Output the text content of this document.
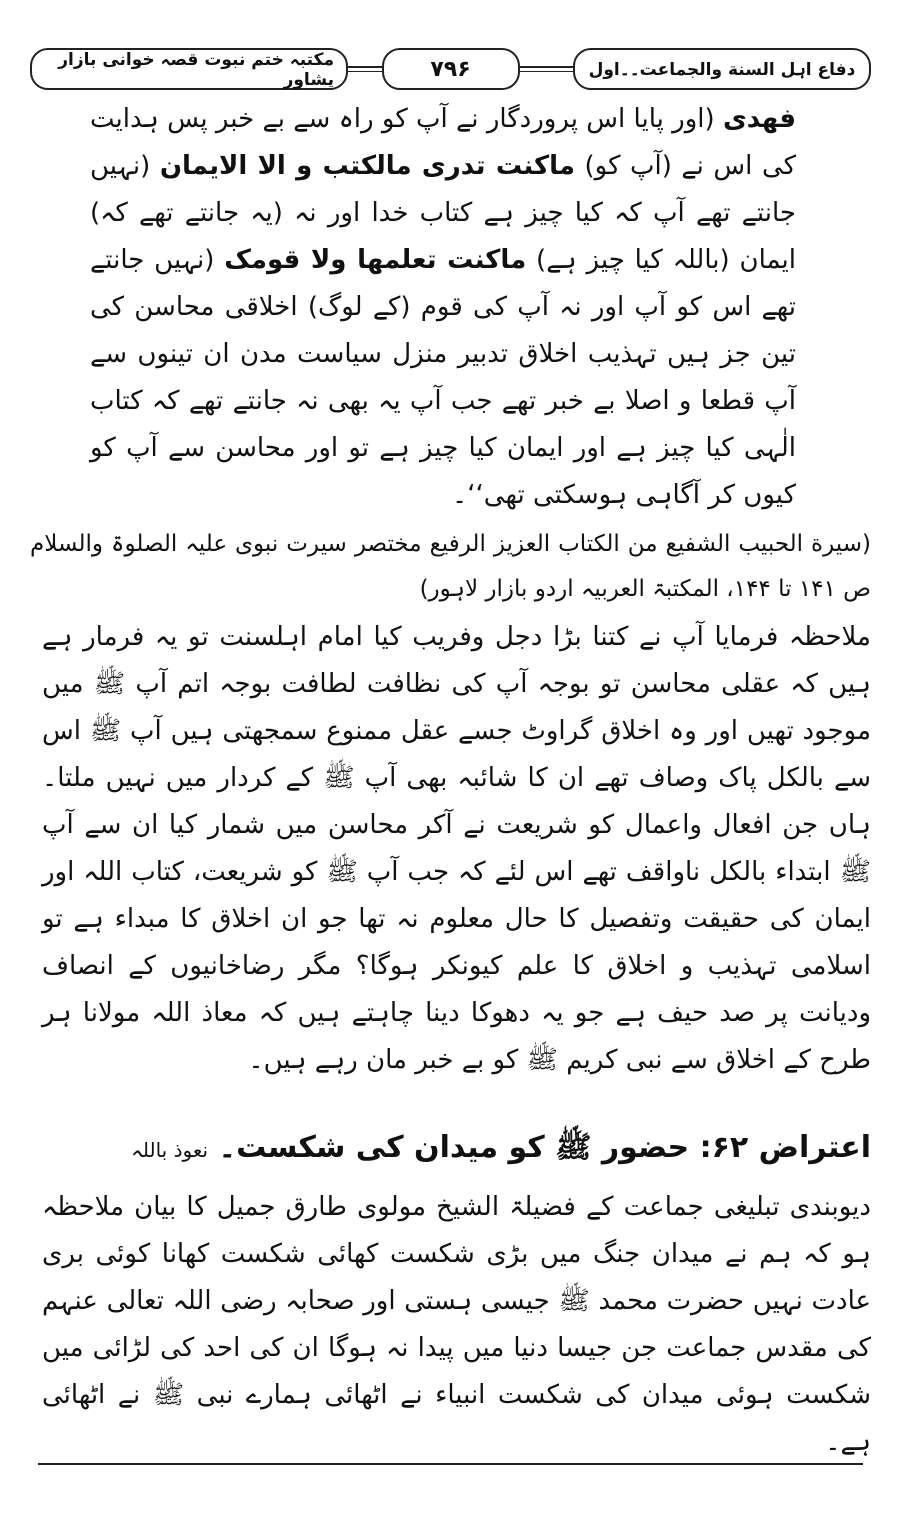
دفاع اہل السنة والجماعت۔۔اول
۷۹۶
مکتبہ ختم نبوت قصہ خوانی بازار پشاور

فھدی (اور پایا اس پروردگار نے آپ کو راہ سے بے خبر پس ہدایت کی اس نے (آپ کو) ماکنت تدری مالکتب و الا الایمان (نہیں جانتے تھے آپ کہ کیا چیز ہے کتاب خدا اور نہ (یہ جانتے تھے کہ) ایمان (باللہ کیا چیز ہے) ماکنت تعلمھا ولا قومک (نہیں جانتے تھے اس کو آپ اور نہ آپ کی قوم (کے لوگ) اخلاقی محاسن کی تین جز ہیں تہذیب اخلاق تدبیر منزل سیاست مدن ان تینوں سے آپ قطعا و اصلا بے خبر تھے جب آپ یہ بھی نہ جانتے تھے کہ کتاب الٰہی کیا چیز ہے اور ایمان کیا چیز ہے تو اور محاسن سے آپ کو کیوں کر آگاہی ہوسکتی تھی‘‘۔

(سیرة الحبیب الشفیع من الکتاب العزیز الرفیع مختصر سیرت نبوی علیہ الصلوۃ والسلام ص ۱۴۱ تا ۱۴۴، المکتبۃ العربیہ اردو بازار لاہور)

ملاحظہ فرمایا آپ نے کتنا بڑا دجل وفریب کیا امام اہلسنت تو یہ فرمار ہے ہیں کہ عقلی محاسن تو بوجہ آپ کی نظافت لطافت بوجہ اتم آپ ﷺ میں موجود تھیں اور وہ اخلاق گراوٹ جسے عقل ممنوع سمجھتی ہیں آپ ﷺ اس سے بالکل پاک وصاف تھے ان کا شائبہ بھی آپ ﷺ کے کردار میں نہیں ملتا۔ ہاں جن افعال واعمال کو شریعت نے آکر محاسن میں شمار کیا ان سے آپ ﷺ ابتداء بالکل ناواقف تھے اس لئے کہ جب آپ ﷺ کو شریعت، کتاب اللہ اور ایمان کی حقیقت وتفصیل کا حال معلوم نہ تھا جو ان اخلاق کا مبداء ہے تو اسلامی تہذیب و اخلاق کا علم کیونکر ہوگا؟ مگر رضاخانیوں کے انصاف ودیانت پر صد حیف ہے جو یہ دھوکا دینا چاہتے ہیں کہ معاذ اللہ مولانا ہر طرح کے اخلاق سے نبی کریم ﷺ کو بے خبر مان رہے ہیں۔

اعتراض ۶۲: حضور ﷺ کو میدان کی شکست۔ نعوذ باللہ

دیوبندی تبلیغی جماعت کے فضیلۃ الشیخ مولوی طارق جمیل کا بیان ملاحظہ ہو کہ ہم نے میدان جنگ میں بڑی شکست کھائی شکست کھانا کوئی بری عادت نہیں حضرت محمد ﷺ جیسی ہستی اور صحابہ رضی اللہ تعالی عنہم کی مقدس جماعت جن جیسا دنیا میں پیدا نہ ہوگا ان کی احد کی لڑائی میں شکست ہوئی میدان کی شکست انبیاء نے اٹھائی ہمارے نبی ﷺ نے اٹھائی ہے۔
